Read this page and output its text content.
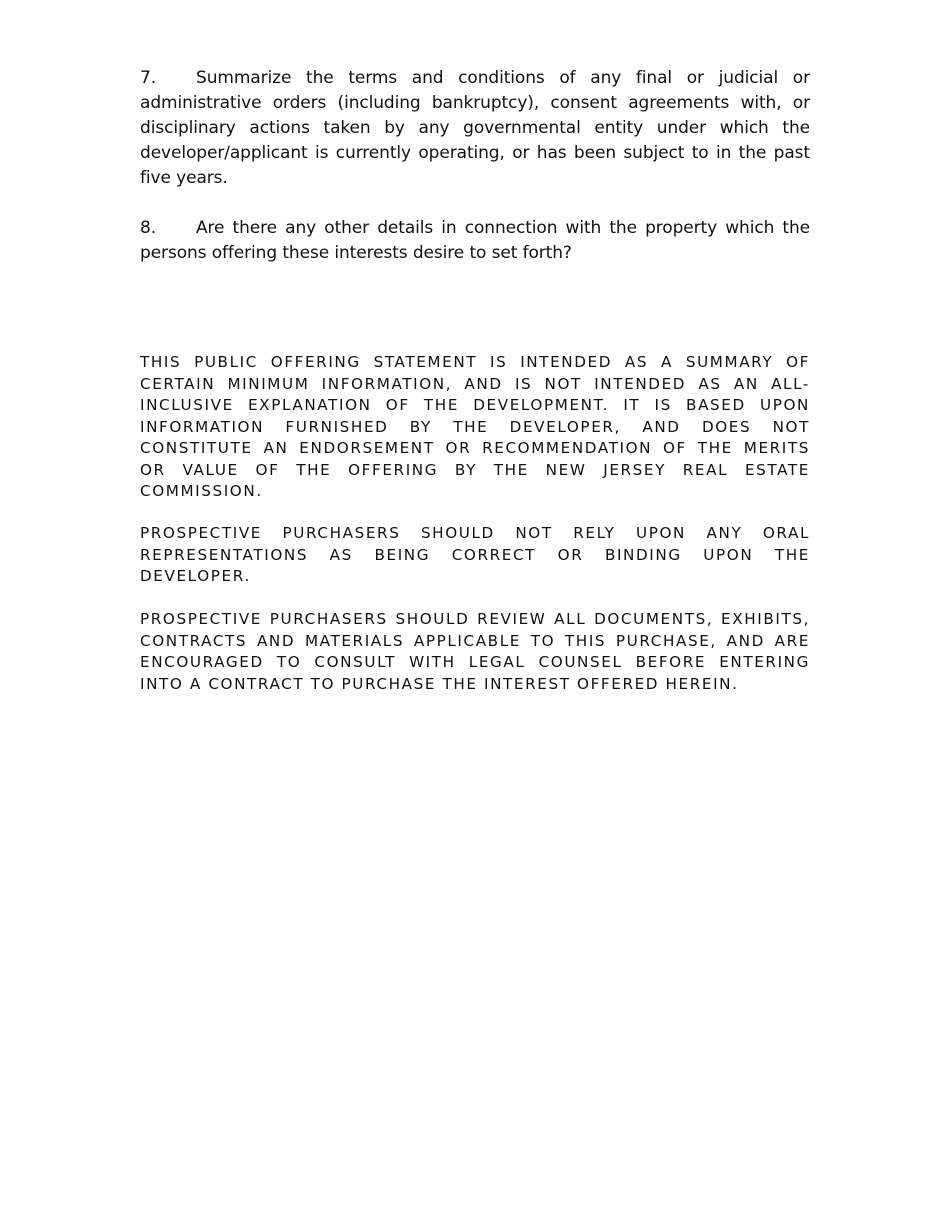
7. Summarize the terms and conditions of any final or judicial or administrative orders (including bankruptcy), consent agreements with, or disciplinary actions taken by any governmental entity under which the developer/applicant is currently operating, or has been subject to in the past five years.

8. Are there any other details in connection with the property which the persons offering these interests desire to set forth?

THIS PUBLIC OFFERING STATEMENT IS INTENDED AS A SUMMARY OF CERTAIN MINIMUM INFORMATION, AND IS NOT INTENDED AS AN ALL-INCLUSIVE EXPLANATION OF THE DEVELOPMENT. IT IS BASED UPON INFORMATION FURNISHED BY THE DEVELOPER, AND DOES NOT CONSTITUTE AN ENDORSEMENT OR RECOMMENDATION OF THE MERITS OR VALUE OF THE OFFERING BY THE NEW JERSEY REAL ESTATE COMMISSION.

PROSPECTIVE PURCHASERS SHOULD NOT RELY UPON ANY ORAL REPRESENTATIONS AS BEING CORRECT OR BINDING UPON THE DEVELOPER.

PROSPECTIVE PURCHASERS SHOULD REVIEW ALL DOCUMENTS, EXHIBITS, CONTRACTS AND MATERIALS APPLICABLE TO THIS PURCHASE, AND ARE ENCOURAGED TO CONSULT WITH LEGAL COUNSEL BEFORE ENTERING INTO A CONTRACT TO PURCHASE THE INTEREST OFFERED HEREIN.
